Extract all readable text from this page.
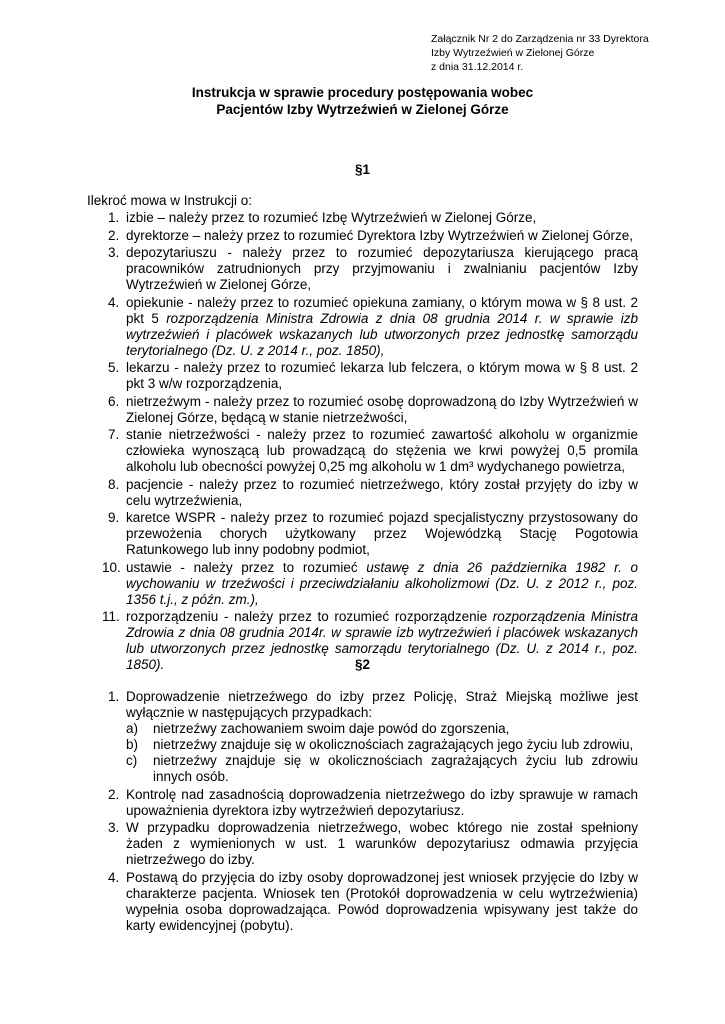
Załącznik Nr 2 do Zarządzenia nr 33 Dyrektora
Izby Wytrzeźwień w Zielonej Górze
z dnia 31.12.2014 r.
Instrukcja w sprawie procedury postępowania wobec
Pacjentów Izby Wytrzeźwień w Zielonej Górze
§1
Ilekroć mowa w Instrukcji o:
1. izbie – należy przez to rozumieć Izbę Wytrzeźwień w Zielonej Górze,
2. dyrektorze – należy przez to rozumieć Dyrektora Izby Wytrzeźwień w Zielonej Górze,
3. depozytariuszu - należy przez to rozumieć depozytariusza kierującego pracą pracowników zatrudnionych przy przyjmowaniu i zwalnianiu pacjentów Izby Wytrzeźwień w Zielonej Górze,
4. opiekunie - należy przez to rozumieć opiekuna zamiany, o którym mowa w § 8 ust. 2 pkt 5 rozporządzenia Ministra Zdrowia z dnia 08 grudnia 2014 r. w sprawie izb wytrzeźwień i placówek wskazanych lub utworzonych przez jednostkę samorządu terytorialnego (Dz. U. z 2014 r., poz. 1850),
5. lekarzu - należy przez to rozumieć lekarza lub felczera, o którym mowa w § 8 ust. 2 pkt 3 w/w rozporządzenia,
6. nietrzeźwym - należy przez to rozumieć osobę doprowadzoną do Izby Wytrzeźwień w Zielonej Górze, będącą w stanie nietrzeźwości,
7. stanie nietrzeźwości - należy przez to rozumieć zawartość alkoholu w organizmie człowieka wynoszącą lub prowadzącą do stężenia we krwi powyżej 0,5 promila alkoholu lub obecności powyżej 0,25 mg alkoholu w 1 dm³ wydychanego powietrza,
8. pacjencie - należy przez to rozumieć nietrzeźwego, który został przyjęty do izby w celu wytrzeźwienia,
9. karetce WSPR - należy przez to rozumieć pojazd specjalistyczny przystosowany do przewożenia chorych użytkowany przez Wojewódzką Stację Pogotowia Ratunkowego lub inny podobny podmiot,
10. ustawie - należy przez to rozumieć ustawę z dnia 26 października 1982 r. o wychowaniu w trzeźwości i przeciwdziałaniu alkoholizmowi (Dz. U. z 2012 r., poz. 1356 t.j., z późn. zm.),
11. rozporządzeniu - należy przez to rozumieć rozporządzenie rozporządzenia Ministra Zdrowia z dnia 08 grudnia 2014r. w sprawie izb wytrzeźwień i placówek wskazanych lub utworzonych przez jednostkę samorządu terytorialnego (Dz. U. z 2014 r., poz. 1850).	§2
1. Doprowadzenie nietrzeźwego do izby przez Policję, Straż Miejską możliwe jest wyłącznie w następujących przypadkach:
a) nietrzeźwy zachowaniem swoim daje powód do zgorszenia,
b) nietrzeźwy znajduje się w okolicznościach zagrażających jego życiu lub zdrowiu,
c) nietrzeźwy znajduje się w okolicznościach zagrażających życiu lub zdrowiu innych osób.
2. Kontrolę nad zasadnością doprowadzenia nietrzeźwego do izby sprawuje w ramach upoważnienia dyrektora izby wytrzeźwień depozytariusz.
3. W przypadku doprowadzenia nietrzeźwego, wobec którego nie został spełniony żaden z wymienionych w ust. 1 warunków depozytariusz odmawia przyjęcia nietrzeźwego do izby.
4. Postawą do przyjęcia do izby osoby doprowadzonej jest wniosek przyjęcie do Izby w charakterze pacjenta. Wniosek ten (Protokół doprowadzenia w celu wytrzeźwienia) wypełnia osoba doprowadzająca. Powód doprowadzenia wpisywany jest także do karty ewidencyjnej (pobytu).
